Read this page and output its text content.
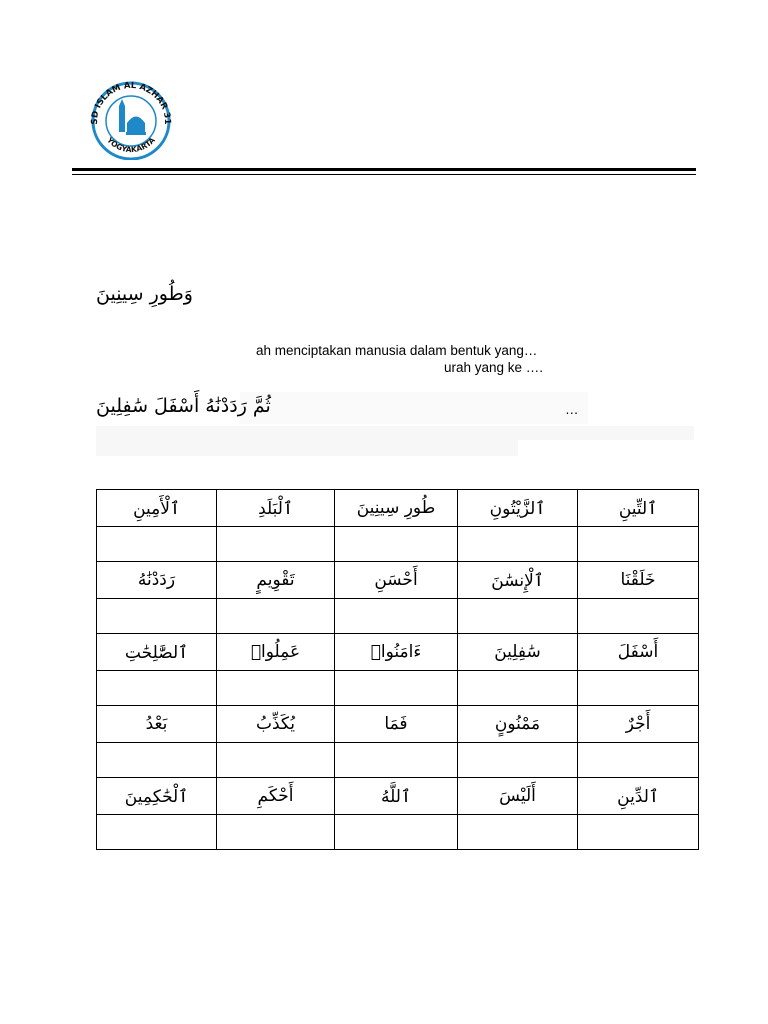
SD ISLAM AL AZHAR 31
YOGYAKARTA
وَطُورِ سِينِينَ
ah menciptakan manusia dalam bentuk yang…
urah yang ke ….
ثُمَّ رَدَدْنَٰهُ أَسْفَلَ سَٰفِلِينَ	…
ٱلْأَمِينِ	ٱلْبَلَدِ	طُورِ سِينِينَ	ٱلزَّيْتُونِ	ٱلتِّينِ

رَدَدْنَٰهُ	تَقْوِيمٍ	أَحْسَنِ	ٱلْإِنسَٰنَ	خَلَقْنَا

ٱلصَّٰلِحَٰتِ	عَمِلُوا۟	ءَامَنُوا۟	سَٰفِلِينَ	أَسْفَلَ

بَعْدُ	يُكَذِّبُ	فَمَا	مَمْنُونٍ	أَجْرٌ

ٱلْحَٰكِمِينَ	أَحْكَمِ	ٱللَّهُ	أَلَيْسَ	ٱلدِّينِ
